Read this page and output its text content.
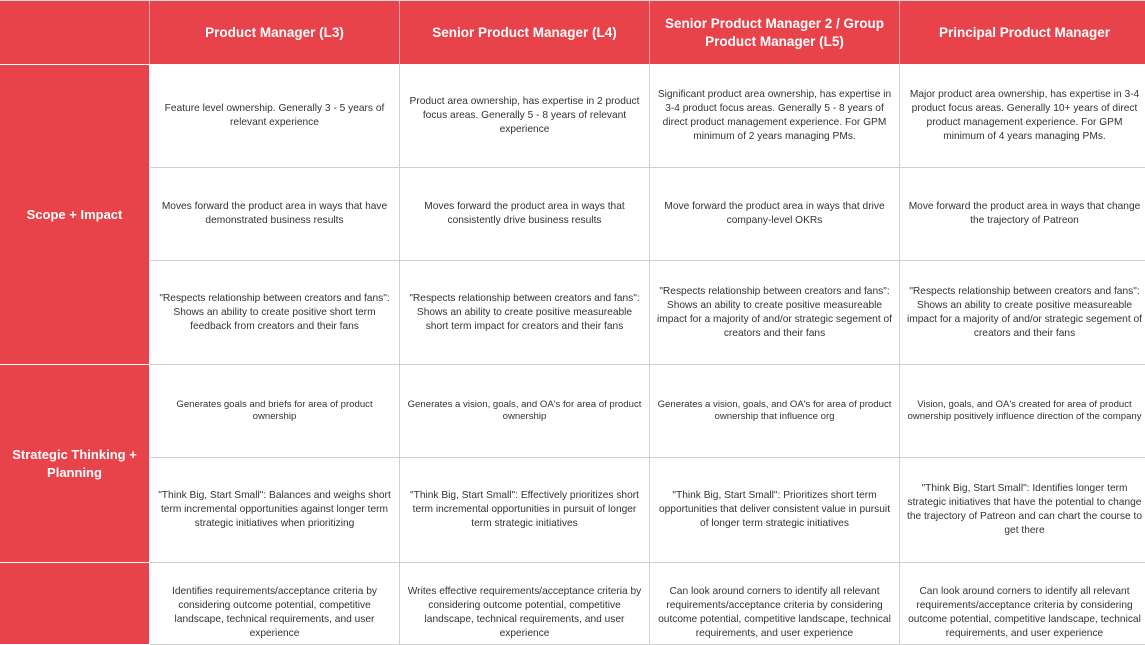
Product Manager (L3)	Senior Product Manager (L4)
Senior Product Manager 2 / Group Product Manager (L5)
Principal Product Manager
Scope + Impact
Strategic Thinking + Planning
Feature level ownership. Generally 3 - 5 years of relevant experience
Product area ownership, has expertise in 2 product focus areas. Generally 5 - 8 years of relevant experience
Significant product area ownership, has expertise in 3-4 product focus areas. Generally 5 - 8 years of direct product management experience. For GPM minimum of 2 years managing PMs.
Major product area ownership, has expertise in 3-4 product focus areas. Generally 10+ years of direct product management experience. For GPM minimum of 4 years managing PMs.
Moves forward the product area in ways that have demonstrated business results
Moves forward the product area in ways that consistently drive business results
Move forward the product area in ways that drive company-level OKRs
Move forward the product area in ways that change the trajectory of Patreon
"Respects relationship between creators and fans": Shows an ability to create positive short term feedback from creators and their fans
"Respects relationship between creators and fans": Shows an ability to create positive measureable short term impact for creators and their fans
"Respects relationship between creators and fans": Shows an ability to create positive measureable impact for a majority of and/or strategic segement of creators and their fans
"Respects relationship between creators and fans": Shows an ability to create positive measureable impact for a majority of and/or strategic segement of creators and their fans
Generates goals and briefs for area of product ownership
Generates a vision, goals, and OA's for area of product ownership
Generates a vision, goals, and OA's for area of product ownership that influence org
Vision, goals, and OA's created for area of product ownership positively influence direction of the company
"Think Big, Start Small": Balances and weighs short term incremental opportunities against longer term strategic initiatives when prioritizing
"Think Big, Start Small": Effectively prioritizes short term incremental opportunities in pursuit of longer term strategic initiatives
"Think Big, Start Small": Prioritizes short term opportunities that deliver consistent value in pursuit of longer term strategic initiatives
"Think Big, Start Small": Identifies longer term strategic initiatives that have the potential to change the trajectory of Patreon and can chart the course to get there
Identifies requirements/acceptance criteria by considering outcome potential, competitive landscape, technical requirements, and user experience
Writes effective requirements/acceptance criteria by considering outcome potential, competitive landscape, technical requirements, and user experience
Can look around corners to identify all relevant requirements/acceptance criteria by considering outcome potential, competitive landscape, technical requirements, and user experience
Can look around corners to identify all relevant requirements/acceptance criteria by considering outcome potential, competitive landscape, technical requirements, and user experience
